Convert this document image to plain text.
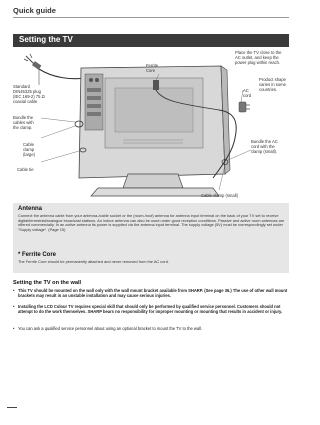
Quick guide
Setting the TV
Standard DIN45325 plug (IEC 169-2) 75 Ω coaxial cable
Bundle the cables with the clamp.
Cable clamp (large)
Cable tie
Ferrite Core
Place the TV close to the AC outlet, and keep the power plug within reach.
AC cord
Product shape varies in some countries.
Bundle the AC cord with the clamp (small).
Cable clamp (small)
Antenna
Connect the antenna cable from your antenna-/cable socket or the (room-/roof) antenna for antenna input terminal on the back of your TV set to receive digital/terrestrial/analogue broadcast stations. An indoor antenna can also be used under good reception conditions. Passive and active room antennas are offered commercially. In an active antenna its power is supplied via the antenna input terminal. The supply voltage (5V) must be correspondingly set under “Supply voltage”. (Page 15)
* Ferrite Core
The Ferrite Core should be permanently attached and never removed from the AC cord.
Setting the TV on the wall
• This TV should be mounted on the wall only with the wall mount bracket available from SHARP. (See page 36.) The use of other wall mount brackets may result in an unstable installation and may cause serious injuries.
• Installing the LCD Colour TV requires special skill that should only be performed by qualified service personnel. Customers should not attempt to do the work themselves. SHARP bears no responsibility for improper mounting or mounting that results in accident or injury.
• You can ask a qualified service personnel about using an optional bracket to mount the TV to the wall.
